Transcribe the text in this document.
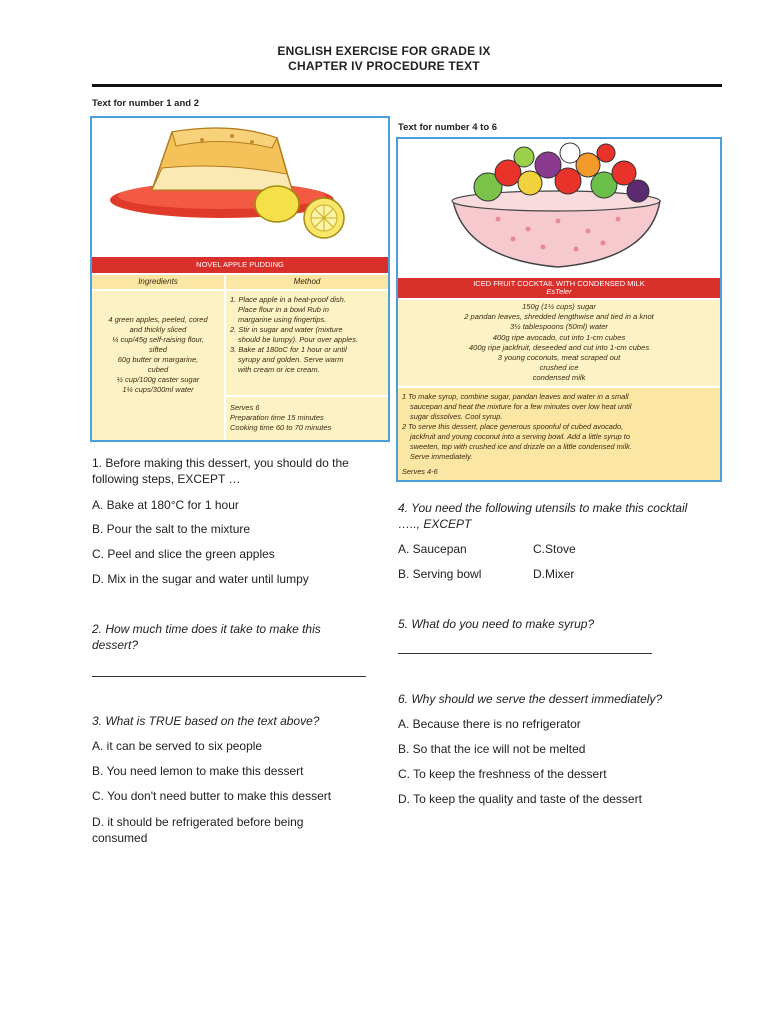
ENGLISH EXERCISE FOR GRADE IX
CHAPTER IV PROCEDURE TEXT
Text for number 1 and 2
NOVEL APPLE PUDDING
Ingredients	Method
4 green apples, peeled, cored
and thickly sliced
¼ cup/45g self-raising flour,
sifted
60g butter or margarine,
cubed
½ cup/100g caster sugar
1¼ cups/300ml water
1. Place apple in a heat-proof dish.
Place flour in a bowl Rub in
margarine using fingertips.
2. Stir in sugar and water (mixture
should be lumpy). Pour over apples.
3. Bake at 180oC for 1 hour or until
syrupy and golden. Serve warm
with cream or ice cream.
Serves 6
Preparation time 15 minutes
Cooking time 60 to 70 minutes
Text for number 4 to 6
ICED FRUIT COCKTAIL WITH CONDENSED MILK
EsTeler
150g (1½ cups) sugar
2 pandan leaves, shredded lengthwise and tied in a knot
3½ tablespoons (50ml) water
400g ripe avocado, cut into 1-cm cubes
400g ripe jackfruit, deseeded and cut into 1-cm cubes
3 young coconuts, meat scraped out
crushed ice
condensed milk
1 To make syrup, combine sugar, pandan leaves and water in a small
saucepan and heat the mixture for a few minutes over low heat until
sugar dissolves. Cool syrup.
2 To serve this dessert, place generous spoonful of cubed avocado,
jackfruit and young coconut into a serving bowl. Add a little syrup to
sweeten, top with crushed ice and drizzle on a little condensed milk.
Serve immediately.
Serves 4-6
1. Before making this dessert, you should do the following steps, EXCEPT …
A. Bake at 180°C for 1 hour
B. Pour the salt to the mixture
C. Peel and slice the green apples
D. Mix in the sugar and water until lumpy
2. How much time does it take to make this dessert?
3. What is TRUE based on the text above?
A. it can be served to six people
B. You need lemon to make this dessert
C. You don't need butter to make this dessert
D. it should be refrigerated before being consumed
4. You need the following utensils to make this cocktail ….., EXCEPT
A. Saucepan	C.Stove
B. Serving bowl	D.Mixer
5. What do you need to make syrup?
6. Why should we serve the dessert immediately?
A. Because there is no refrigerator
B. So that the ice will not be melted
C. To keep the freshness of the dessert
D. To keep the quality and taste of the dessert
